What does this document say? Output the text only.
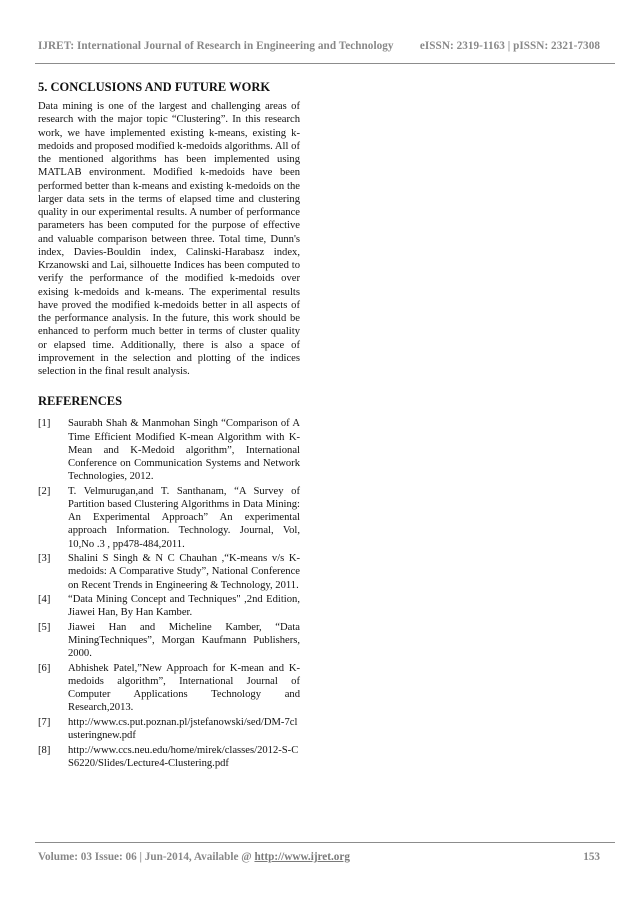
IJRET: International Journal of Research in Engineering and Technology eISSN: 2319-1163 | pISSN: 2321-7308
5. CONCLUSIONS AND FUTURE WORK

Data mining is one of the largest and challenging areas of research with the major topic “Clustering”. In this research work, we have implemented existing k-means, existing k-medoids and proposed modified k-medoids algorithms. All of the mentioned algorithms has been implemented using MATLAB environment. Modified k-medoids have been performed better than k-means and existing k-medoids on the larger data sets in the terms of elapsed time and clustering quality in our experimental results. A number of performance parameters has been computed for the purpose of effective and valuable comparison between three. Total time, Dunn's index, Davies-Bouldin index, Calinski-Harabasz index, Krzanowski and Lai, silhouette Indices has been computed to verify the performance of the modified k-medoids over exising k-medoids and k-means. The experimental results have proved the modified k-medoids better in all aspects of the performance analysis. In the future, this work should be enhanced to perform much better in terms of cluster quality or elapsed time. Additionally, there is also a space of improvement in the selection and plotting of the indices selection in the final result analysis.

REFERENCES
[1]	Saurabh Shah & Manmohan Singh “Comparison of A Time Efficient Modified K-mean Algorithm with K-Mean and K-Medoid algorithm”, International Conference on Communication Systems and Network Technologies, 2012.
[2]	T. Velmurugan,and T. Santhanam, “A Survey of Partition based Clustering Algorithms in Data Mining: An Experimental Approach” An experimental approach Information. Technology. Journal, Vol, 10,No .3 , pp478-484,2011.
[3]	Shalini S Singh & N C Chauhan ,“K-means v/s K-medoids: A Comparative Study”, National Conference on Recent Trends in Engineering & Technology, 2011.
[4]	“Data Mining Concept and Techniques" ,2nd Edition, Jiawei Han, By Han Kamber.
[5]	Jiawei Han and Micheline Kamber, “Data MiningTechniques”, Morgan Kaufmann Publishers, 2000.
[6]	Abhishek Patel,”New Approach for K-mean and K-medoids algorithm”, International Journal of Computer Applications Technology and Research,2013.
[7]	http://www.cs.put.poznan.pl/jstefanowski/sed/DM-7clusteringnew.pdf
[8]	http://www.ccs.neu.edu/home/mirek/classes/2012-S-CS6220/Slides/Lecture4-Clustering.pdf
Volume: 03 Issue: 06 | Jun-2014, Available @ http://www.ijret.org	153
